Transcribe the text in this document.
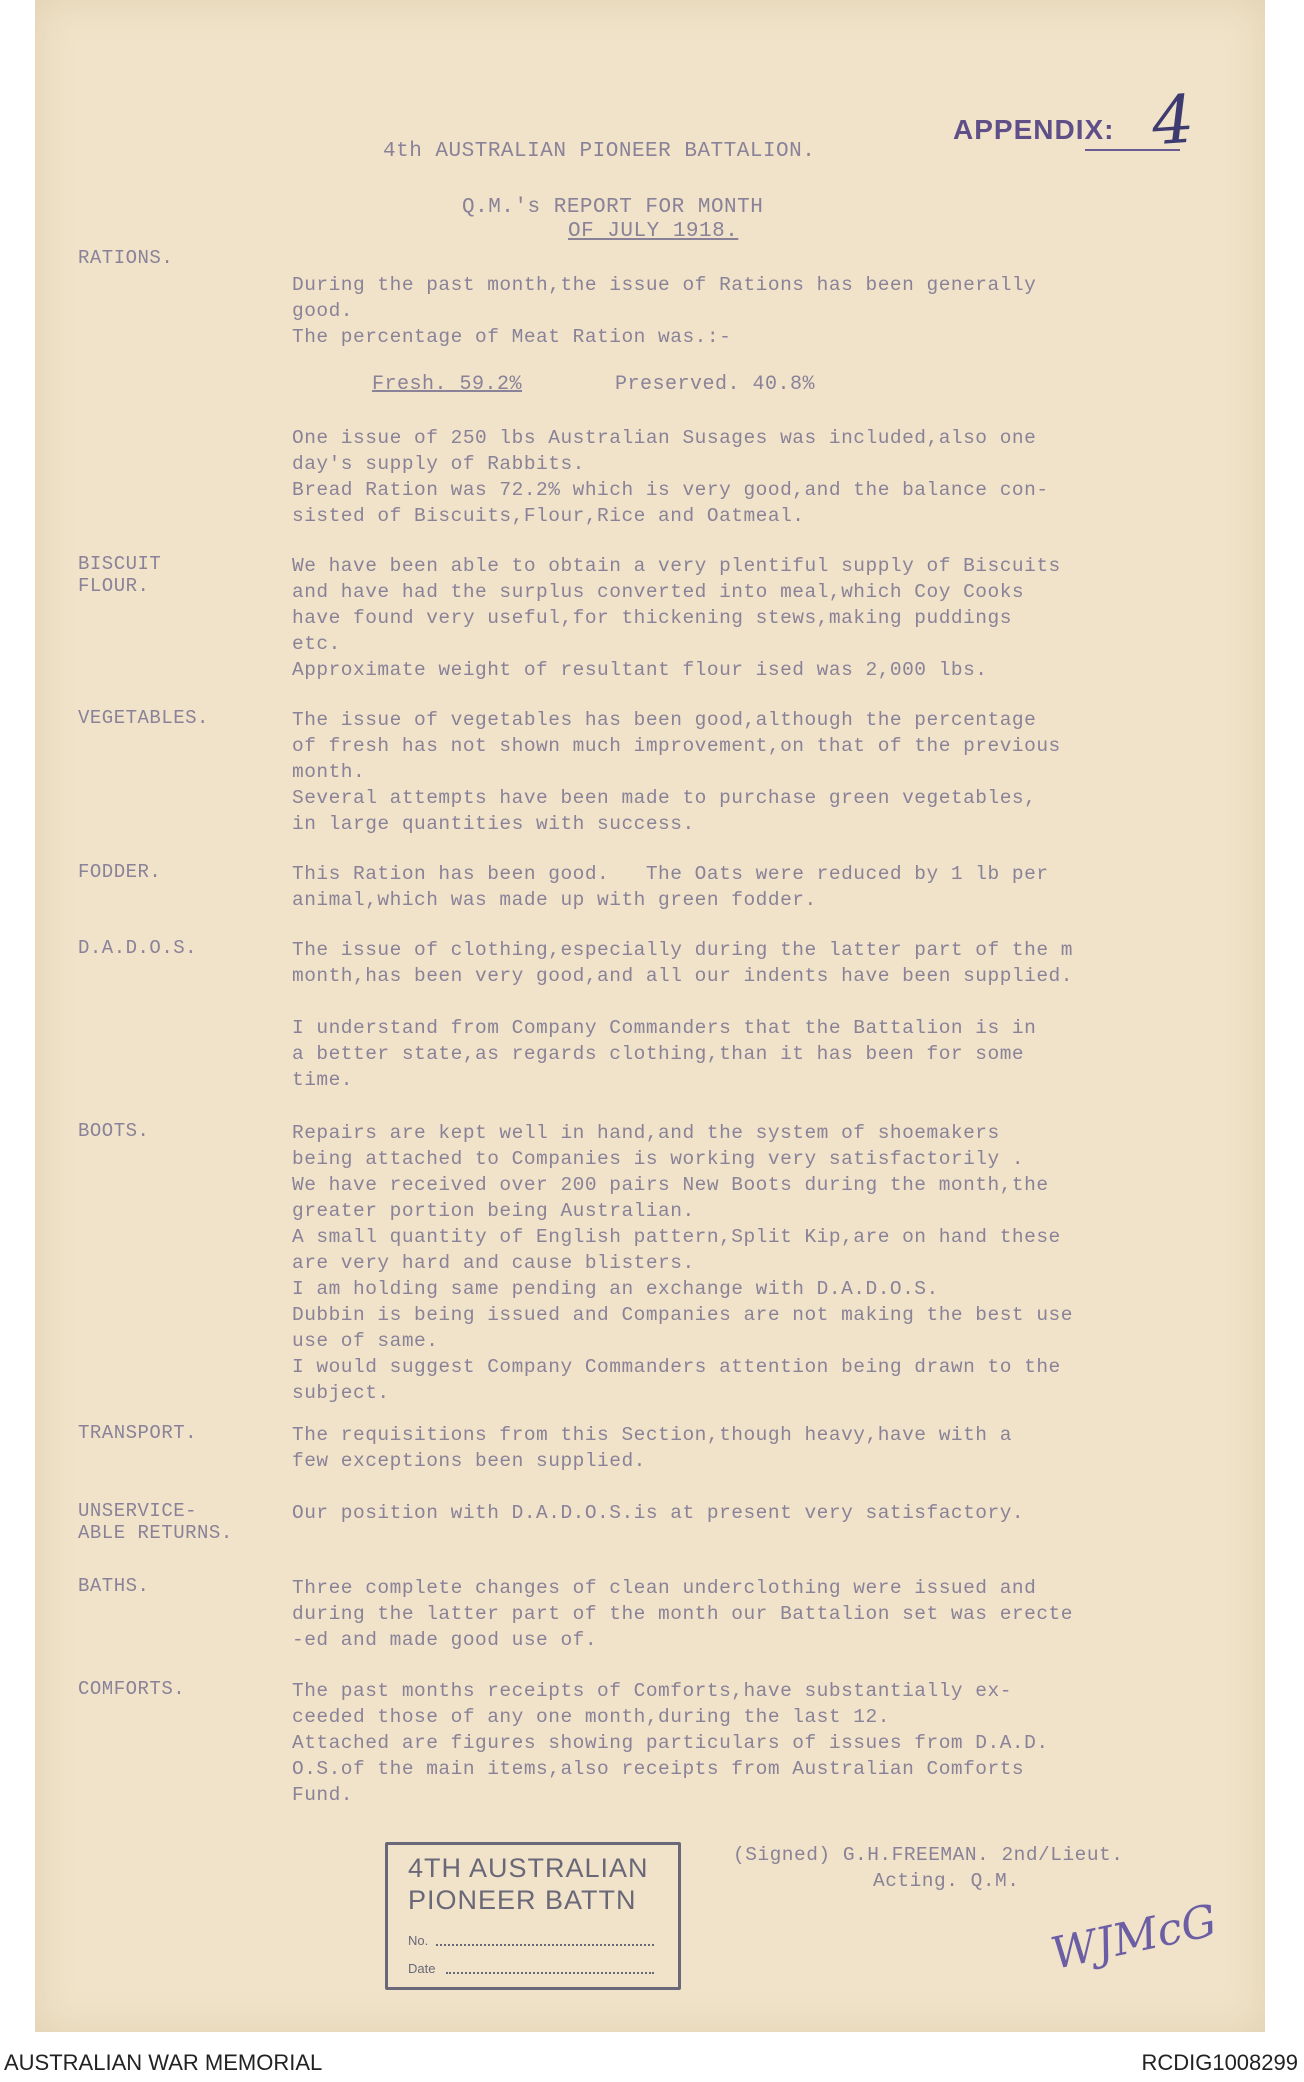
APPENDIX: 4
4th AUSTRALIAN PIONEER BATTALION.
Q.M.'s REPORT FOR MONTH
OF JULY 1918.
RATIONS.
During the past month,the issue of Rations has been generally
good.
The percentage of Meat Ration was.:-
Fresh. 59.2%	Preserved. 40.8%
One issue of 250 lbs Australian Susages was included,also one
day's supply of Rabbits.
Bread Ration was 72.2% which is very good,and the balance con-
sisted of Biscuits,Flour,Rice and Oatmeal.
BISCUIT
FLOUR.
We have been able to obtain a very plentiful supply of Biscuits
and have had the surplus converted into meal,which Coy Cooks
have found very useful,for thickening stews,making puddings
etc.
Approximate weight of resultant flour ised was 2,000 lbs.
VEGETABLES.	The issue of vegetables has been good,although the percentage
of fresh has not shown much improvement,on that of the previous
month.
Several attempts have been made to purchase green vegetables,
in large quantities with success.
FODDER.	This Ration has been good.   The Oats were reduced by 1 lb per
animal,which was made up with green fodder.
D.A.D.O.S.	The issue of clothing,especially during the latter part of the m
month,has been very good,and all our indents have been supplied.
I understand from Company Commanders that the Battalion is in
a better state,as regards clothing,than it has been for some
time.
BOOTS.	Repairs are kept well in hand,and the system of shoemakers
being attached to Companies is working very satisfactorily .
We have received over 200 pairs New Boots during the month,the
greater portion being Australian.
A small quantity of English pattern,Split Kip,are on hand these
are very hard and cause blisters.
I am holding same pending an exchange with D.A.D.O.S.
Dubbin is being issued and Companies are not making the best use
use of same.
I would suggest Company Commanders attention being drawn to the
subject.
TRANSPORT.	The requisitions from this Section,though heavy,have with a
few exceptions been supplied.
UNSERVICE-
ABLE RETURNS.
Our position with D.A.D.O.S.is at present very satisfactory.
BATHS.	Three complete changes of clean underclothing were issued and
during the latter part of the month our Battalion set was erecte
-ed and made good use of.
COMFORTS.	The past months receipts of Comforts,have substantially ex-
ceeded those of any one month,during the last 12.
Attached are figures showing particulars of issues from D.A.D.
O.S.of the main items,also receipts from Australian Comforts
Fund.
4TH AUSTRALIAN
PIONEER BATTN
No.
Date
(Signed) G.H.FREEMAN. 2nd/Lieut.
Acting. Q.M.
WJMcG
AUSTRALIAN WAR MEMORIAL	RCDIG1008299
